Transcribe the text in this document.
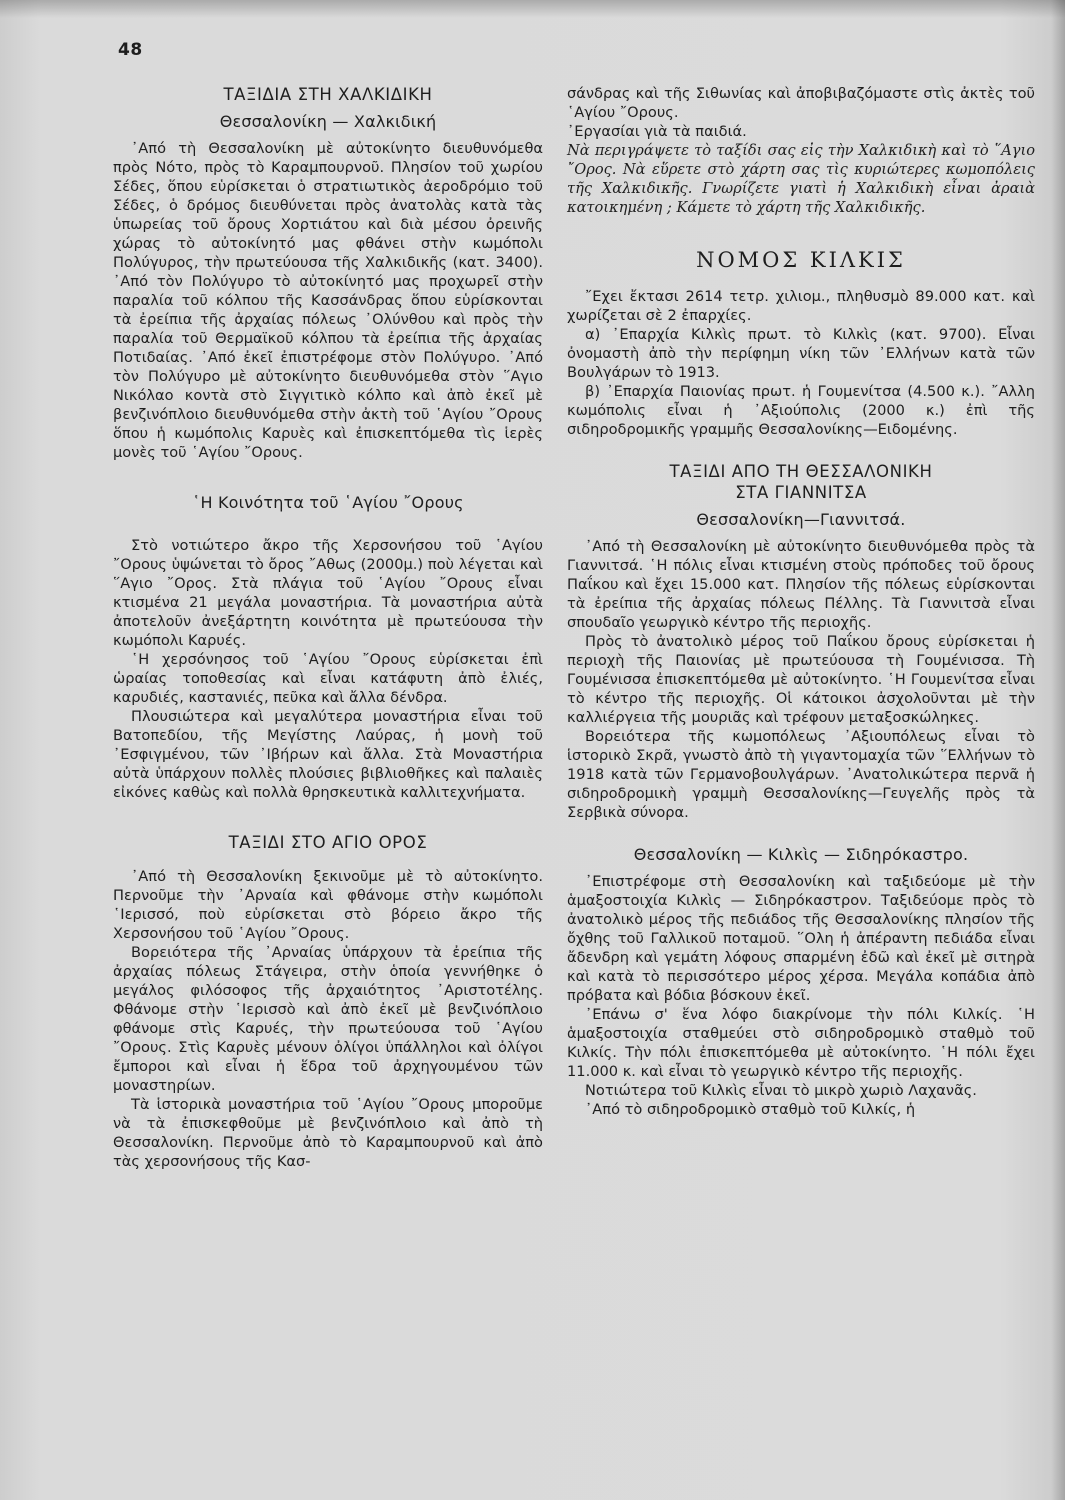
48
ΤΑΞΙΔΙΑ ΣΤΗ ΧΑΛΚΙΔΙΚΗ
Θεσσαλονίκη — Χαλκιδική

᾿Από τὴ Θεσσαλονίκη μὲ αὐτοκίνητο διευθυνόμεθα πρὸς Νότο, πρὸς τὸ Καραμπουρνοῦ. Πλησίον τοῦ χωρίου Σέδες, ὅπου εὑρίσκεται ὁ στρατιωτικὸς ἀεροδρόμιο τοῦ Σέδες, ὁ δρόμος διευθύνεται πρὸς ἀνατολὰς κατὰ τὰς ὑπωρείας τοῦ ὄρους Χορτιάτου καὶ διὰ μέσου ὀρεινῆς χώρας τὸ αὐτοκίνητό μας φθάνει στὴν κωμόπολι Πολύγυρος, τὴν πρωτεύουσα τῆς Χαλκιδικῆς (κατ. 3400). ᾿Από τὸν Πολύγυρο τὸ αὐτοκίνητό μας προχωρεῖ στὴν παραλία τοῦ κόλπου τῆς Κασσάνδρας ὅπου εὑρίσκονται τὰ ἐρείπια τῆς ἀρχαίας πόλεως ᾿Ολύνθου καὶ πρὸς τὴν παραλία τοῦ Θερμαϊκοῦ κόλπου τὰ ἐρείπια τῆς ἀρχαίας Ποτιδαίας. ᾿Από ἐκεῖ ἐπιστρέφομε στὸν Πολύγυρο. ᾿Από τὸν Πολύγυρο μὲ αὐτοκίνητο διευθυνόμεθα στὸν ῞Αγιο Νικόλαο κοντὰ στὸ Σιγγιτικὸ κόλπο καὶ ἀπὸ ἐκεῖ μὲ βενζινόπλοιο διευθυνόμεθα στὴν ἀκτὴ τοῦ ῾Αγίου ῎Ορους ὅπου ἡ κωμόπολις Καρυὲς καὶ ἐπισκεπτόμεθα τὶς ἱερὲς μονὲς τοῦ ῾Αγίου ῎Ορους.

῾Η Κοινότητα τοῦ ῾Αγίου ῎Ορους

Στὸ νοτιώτερο ἄκρο τῆς Χερσονήσου τοῦ ῾Αγίου ῎Ορους ὑψώνεται τὸ ὄρος ῎Αθως (2000μ.) ποὺ λέγεται καὶ ῞Αγιο ῎Ορος. Στὰ πλάγια τοῦ ῾Αγίου ῎Ορους εἶναι κτισμένα 21 μεγάλα μοναστήρια. Τὰ μοναστήρια αὐτὰ ἀποτελοῦν ἀνεξάρτητη κοινότητα μὲ πρωτεύουσα τὴν κωμόπολι Καρυές.

῾Η χερσόνησος τοῦ ῾Αγίου ῎Ορους εὑρίσκεται ἐπὶ ὡραίας τοποθεσίας καὶ εἶναι κατάφυτη ἀπὸ ἐλιές, καρυδιές, καστανιές, πεῦκα καὶ ἄλλα δένδρα.

Πλουσιώτερα καὶ μεγαλύτερα μοναστήρια εἶναι τοῦ Βατοπεδίου, τῆς Μεγίστης Λαύρας, ἡ μονὴ τοῦ ᾿Εσφιγμένου, τῶν ᾿Ιβήρων καὶ ἄλλα. Στὰ Μοναστήρια αὐτὰ ὑπάρχουν πολλὲς πλούσιες βιβλιοθῆκες καὶ παλαιὲς εἰκόνες καθὼς καὶ πολλὰ θρησκευτικὰ καλλιτεχνήματα.

ΤΑΞΙΔΙ ΣΤΟ ΑΓΙΟ ΟΡΟΣ

᾿Από τὴ Θεσσαλονίκη ξεκινοῦμε μὲ τὸ αὐτοκίνητο. Περνοῦμε τὴν ᾿Αρναία καὶ φθάνομε στὴν κωμόπολι ῾Ιερισσό, ποὺ εὑρίσκεται στὸ βόρειο ἄκρο τῆς Χερσονήσου τοῦ ῾Αγίου ῎Ορους.

Βορειότερα τῆς ᾿Αρναίας ὑπάρχουν τὰ ἐρείπια τῆς ἀρχαίας πόλεως Στάγειρα, στὴν ὁποία γεννήθηκε ὁ μεγάλος φιλόσοφος τῆς ἀρχαιότητος ᾿Αριστοτέλης. Φθάνομε στὴν ῾Ιερισσὸ καὶ ἀπὸ ἐκεῖ μὲ βενζινόπλοιο φθάνομε στὶς Καρυές, τὴν πρωτεύουσα τοῦ ῾Αγίου ῎Ορους. Στὶς Καρυὲς μένουν ὀλίγοι ὑπάλληλοι καὶ ὀλίγοι ἔμποροι καὶ εἶναι ἡ ἕδρα τοῦ ἀρχηγουμένου τῶν μοναστηρίων.

Τὰ ἱστορικὰ μοναστήρια τοῦ ῾Αγίου ῎Ορους μποροῦμε νὰ τὰ ἐπισκεφθοῦμε μὲ βενζινόπλοιο καὶ ἀπὸ τὴ Θεσσαλονίκη. Περνοῦμε ἀπὸ τὸ Καραμπουρνοῦ καὶ ἀπὸ τὰς χερσονήσους τῆς Κασ-

σάνδρας καὶ τῆς Σιθωνίας καὶ ἀποβιβαζόμαστε στὶς ἀκτὲς τοῦ ῾Αγίου ῎Ορους.

᾿Εργασίαι γιὰ τὰ παιδιά.

Νὰ περιγράψετε τὸ ταξίδι σας εἰς τὴν Χαλκιδικὴ καὶ τὸ ῞Αγιο ῎Ορος. Νὰ εὕρετε στὸ χάρτη σας τὶς κυριώτερες κωμοπόλεις τῆς Χαλκιδικῆς. Γνωρίζετε γιατὶ ἡ Χαλκιδικὴ εἶναι ἀραιὰ κατοικημένη ; Κάμετε τὸ χάρτη τῆς Χαλκιδικῆς.

ΝΟΜΟΣ ΚΙΛΚΙΣ

῎Εχει ἔκτασι 2614 τετρ. χιλιομ., πληθυσμὸ 89.000 κατ. καὶ χωρίζεται σὲ 2 ἐπαρχίες.

α) ᾿Επαρχία Κιλκὶς πρωτ. τὸ Κιλκὶς (κατ. 9700). Εἶναι ὀνομαστὴ ἀπὸ τὴν περίφημη νίκη τῶν ᾿Ελλήνων κατὰ τῶν Βουλγάρων τὸ 1913.

β) ᾿Επαρχία Παιονίας πρωτ. ἡ Γουμενίτσα (4.500 κ.). ῎Αλλη κωμόπολις εἶναι ἡ ᾿Αξιούπολις (2000 κ.) ἐπὶ τῆς σιδηροδρομικῆς γραμμῆς Θεσσαλονίκης—Ειδομένης.

ΤΑΞΙΔΙ ΑΠΟ ΤΗ ΘΕΣΣΑΛΟΝΙΚΗ
ΣΤΑ ΓΙΑΝΝΙΤΣΑ
Θεσσαλονίκη—Γιαννιτσά.

᾿Από τὴ Θεσσαλονίκη μὲ αὐτοκίνητο διευθυνόμεθα πρὸς τὰ Γιαννιτσά. ῾Η πόλις εἶναι κτισμένη στοὺς πρόποδες τοῦ ὄρους Παΐκου καὶ ἔχει 15.000 κατ. Πλησίον τῆς πόλεως εὑρίσκονται τὰ ἐρείπια τῆς ἀρχαίας πόλεως Πέλλης. Τὰ Γιαννιτσὰ εἶναι σπουδαῖο γεωργικὸ κέντρο τῆς περιοχῆς.

Πρὸς τὸ ἀνατολικὸ μέρος τοῦ Παΐκου ὄρους εὑρίσκεται ἡ περιοχὴ τῆς Παιονίας μὲ πρωτεύουσα τὴ Γουμένισσα. Τὴ Γουμένισσα ἐπισκεπτόμεθα μὲ αὐτοκίνητο. ῾Η Γουμενίτσα εἶναι τὸ κέντρο τῆς περιοχῆς. Οἱ κάτοικοι ἀσχολοῦνται μὲ τὴν καλλιέργεια τῆς μουριᾶς καὶ τρέφουν μεταξοσκώληκες.

Βορειότερα τῆς κωμοπόλεως ᾿Αξιουπόλεως εἶναι τὸ ἱστορικὸ Σκρᾶ, γνωστὸ ἀπὸ τὴ γιγαντομαχία τῶν ῞Ελλήνων τὸ 1918 κατὰ τῶν Γερμανοβουλγάρων. ᾿Ανατολικώτερα περνᾶ ἡ σιδηροδρομικὴ γραμμὴ Θεσσαλονίκης—Γευγελῆς πρὸς τὰ Σερβικὰ σύνορα.

Θεσσαλονίκη — Κιλκὶς — Σιδηρόκαστρο.

᾿Επιστρέφομε στὴ Θεσσαλονίκη καὶ ταξιδεύομε μὲ τὴν ἁμαξοστοιχία Κιλκὶς — Σιδηρόκαστρον. Ταξιδεύομε πρὸς τὸ ἀνατολικὸ μέρος τῆς πεδιάδος τῆς Θεσσαλονίκης πλησίον τῆς ὄχθης τοῦ Γαλλικοῦ ποταμοῦ. ῞Ολη ἡ ἀπέραντη πεδιάδα εἶναι ἄδενδρη καὶ γεμάτη λόφους σπαρμένη ἐδῶ καὶ ἐκεῖ μὲ σιτηρὰ καὶ κατὰ τὸ περισσότερο μέρος χέρσα. Μεγάλα κοπάδια ἀπὸ πρόβατα καὶ βόδια βόσκουν ἐκεῖ.

᾿Επάνω σ' ἕνα λόφο διακρίνομε τὴν πόλι Κιλκίς. ῾Η ἁμαξοστοιχία σταθμεύει στὸ σιδηροδρομικὸ σταθμὸ τοῦ Κιλκίς. Τὴν πόλι ἐπισκεπτόμεθα μὲ αὐτοκίνητο. ῾Η πόλι ἔχει 11.000 κ. καὶ εἶναι τὸ γεωργικὸ κέντρο τῆς περιοχῆς.

Νοτιώτερα τοῦ Κιλκὶς εἶναι τὸ μικρὸ χωριὸ Λαχανᾶς.

᾿Από τὸ σιδηροδρομικὸ σταθμὸ τοῦ Κιλκίς, ἡ
